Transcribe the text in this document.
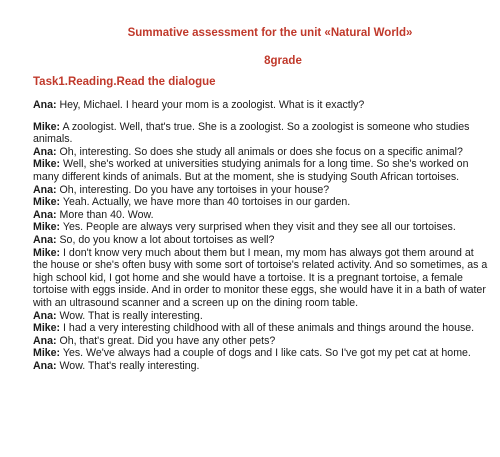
Summative assessment for the unit «Natural World»
8grade
Task1.Reading.Read the dialogue
Ana: Hey, Michael. I heard your mom is a zoologist. What is it exactly?
Mike: A zoologist. Well, that's true. She is a zoologist. So a zoologist is someone who studies animals.
Ana: Oh, interesting. So does she study all animals or does she focus on a specific animal?
Mike: Well, she's worked at universities studying animals for a long time. So she's worked on many different kinds of animals. But at the moment, she is studying South African tortoises.
Ana: Oh, interesting. Do you have any tortoises in your house?
Mike: Yeah. Actually, we have more than 40 tortoises in our garden.
Ana: More than 40. Wow.
Mike: Yes. People are always very surprised when they visit and they see all our tortoises.
Ana: So, do you know a lot about tortoises as well?
Mike: I don't know very much about them but I mean, my mom has always got them around at the house or she's often busy with some sort of tortoise's related activity. And so sometimes, as a high school kid, I got home and she would have a tortoise. It is a pregnant tortoise, a female tortoise with eggs inside. And in order to monitor these eggs, she would have it in a bath of water with an ultrasound scanner and a screen up on the dining room table.
Ana: Wow. That is really interesting.
Mike: I had a very interesting childhood with all of these animals and things around the house.
Ana: Oh, that's great. Did you have any other pets?
Mike: Yes. We've always had a couple of dogs and I like cats. So I've got my pet cat at home.
Ana: Wow. That's really interesting.
